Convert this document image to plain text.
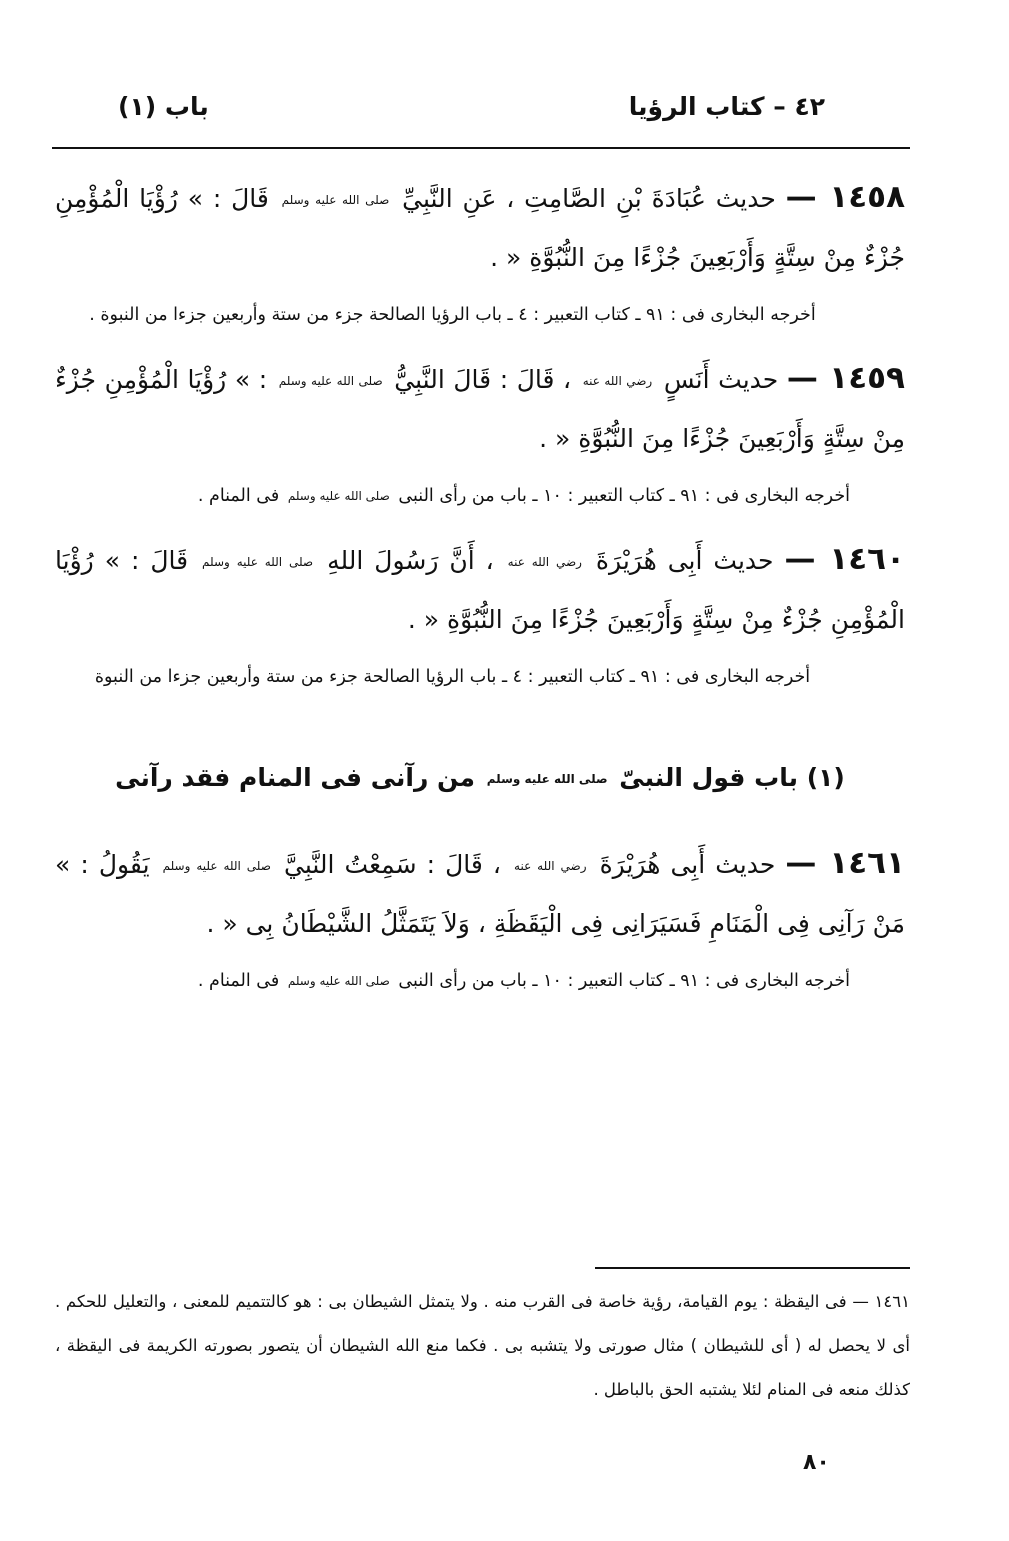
٤٢ – كتاب الرؤيا
باب (١)

١٤٥٨ — حديث عُبَادَةَ بْنِ الصَّامِتِ ، عَنِ النَّبِيِّ صلى الله عليه وسلم قَالَ : » رُؤْيَا الْمُؤْمِنِ جُزْءٌ مِنْ سِتَّةٍ وَأَرْبَعِينَ جُزْءًا مِنَ النُّبُوَّةِ « .

أخرجه البخارى فى : ٩١ ـ كتاب التعبير : ٤ ـ باب الرؤيا الصالحة جزء من ستة وأربعين جزءا من النبوة .

١٤٥٩ — حديث أَنَسٍ رضي الله عنه ، قَالَ : قَالَ النَّبِيُّ صلى الله عليه وسلم : » رُؤْيَا الْمُؤْمِنِ جُزْءٌ مِنْ سِتَّةٍ وَأَرْبَعِينَ جُزْءًا مِنَ النُّبُوَّةِ « .

أخرجه البخارى فى : ٩١ ـ كتاب التعبير : ١٠ ـ باب من رأى النبى صلى الله عليه وسلم فى المنام .

١٤٦٠ — حديث أَبِى هُرَيْرَةَ رضي الله عنه ، أَنَّ رَسُولَ اللهِ صلى الله عليه وسلم قَالَ : » رُؤْيَا الْمُؤْمِنِ جُزْءٌ مِنْ سِتَّةٍ وَأَرْبَعِينَ جُزْءًا مِنَ النُّبُوَّةِ « .

أخرجه البخارى فى : ٩١ ـ كتاب التعبير : ٤ ـ باب الرؤيا الصالحة جزء من ستة وأربعين جزءا من النبوة
(١) باب قول النبىّ صلى الله عليه وسلم من رآنى فى المنام فقد رآنى

١٤٦١ — حديث أَبِى هُرَيْرَةَ رضي الله عنه ، قَالَ : سَمِعْتُ النَّبِيَّ صلى الله عليه وسلم يَقُولُ : » مَنْ رَآنِى فِى الْمَنَامِ فَسَيَرَانِى فِى الْيَقَظَةِ ، وَلاَ يَتَمَثَّلُ الشَّيْطَانُ بِى « .

أخرجه البخارى فى : ٩١ ـ كتاب التعبير : ١٠ ـ باب من رأى النبى صلى الله عليه وسلم فى المنام .
١٤٦١ — فى اليقظة : يوم القيامة، رؤية خاصة فى القرب منه . ولا يتمثل الشيطان بى : هو كالتتميم للمعنى ، والتعليل للحكم . أى لا يحصل له ( أى للشيطان ) مثال صورتى ولا يتشبه بى . فكما منع الله الشيطان أن يتصور بصورته الكريمة فى اليقظة ، كذلك منعه فى المنام لئلا يشتبه الحق بالباطل .
٨٠
